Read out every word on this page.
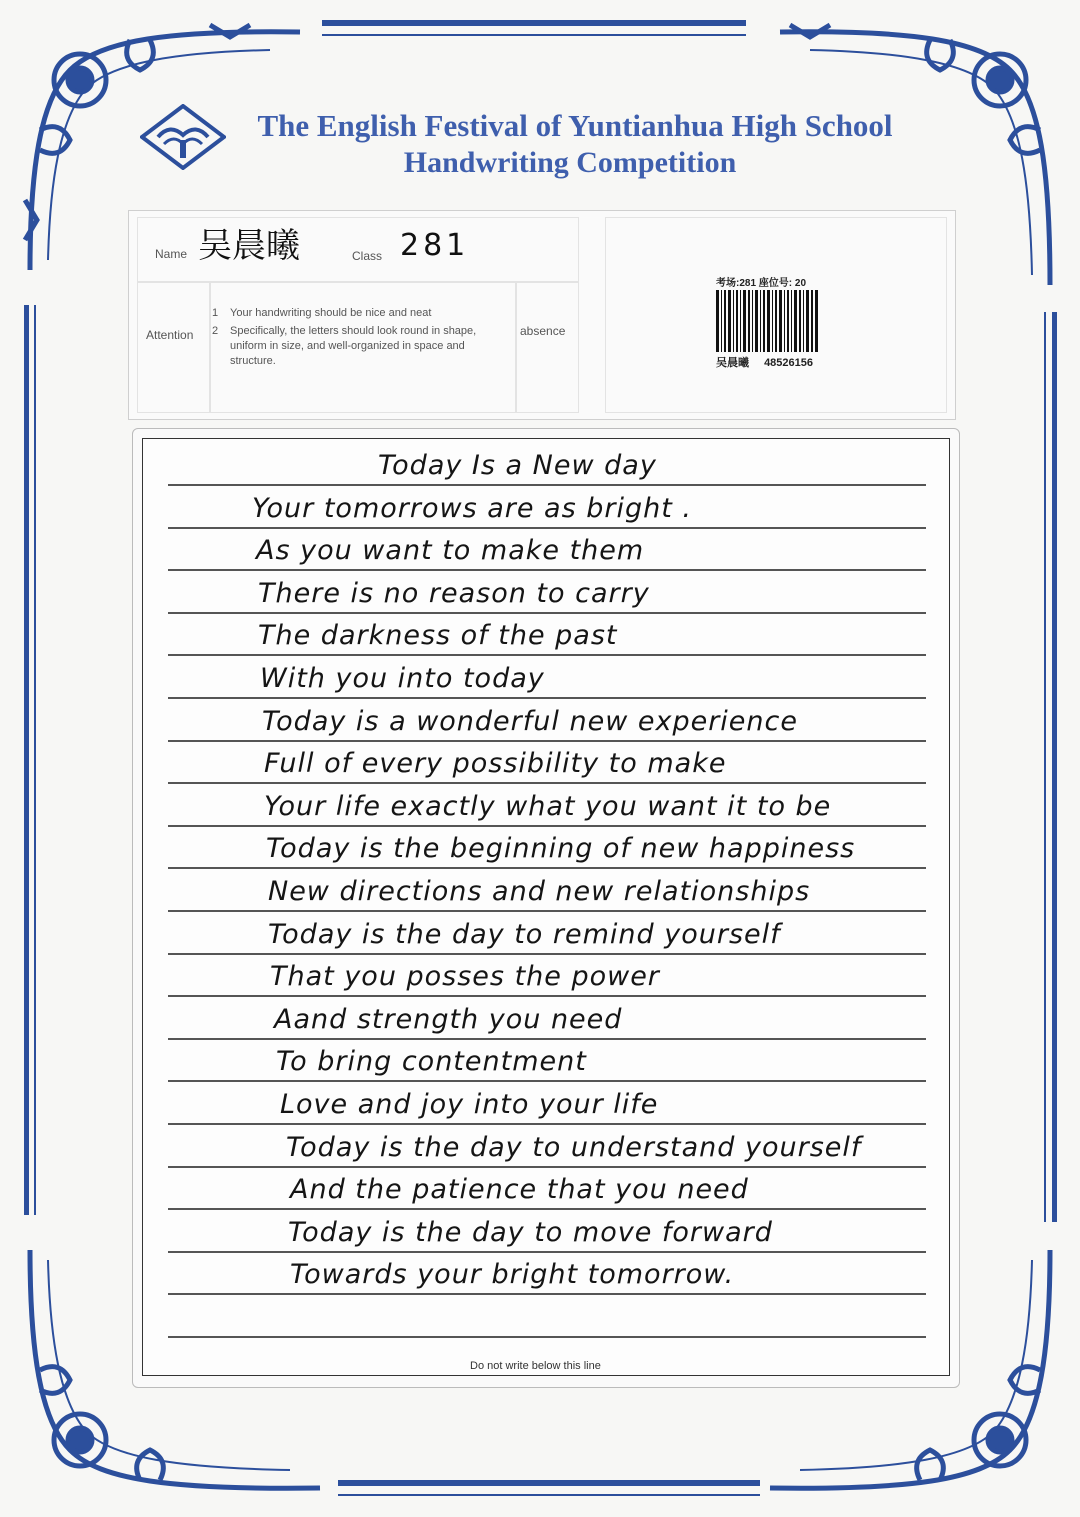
The English Festival of Yuntianhua High School
Handwriting Competition
Name 吴晨曦	Class 281
Attention
1	Your handwriting should be nice and neat
2	Specifically, the letters should look round in shape, uniform in size, and well-organized in space and structure.
absence
考场:281 座位号: 20
吴晨曦 48526156
Today Is a New day
Your tomorrows are as bright .
As you want to make them
There is no reason to carry
The darkness of the past
With you into today
Today is a wonderful new experience
Full of every possibility to make
Your life exactly what you want it to be
Today is the beginning of new happiness
New directions and new relationships
Today is the day to remind yourself
That you posses the power
Aand strength you need
To bring contentment
Love and joy into your life
Today is the day to understand yourself
And the patience that you need
Today is the day to move forward
Towards your bright tomorrow.
Do not write below this line
